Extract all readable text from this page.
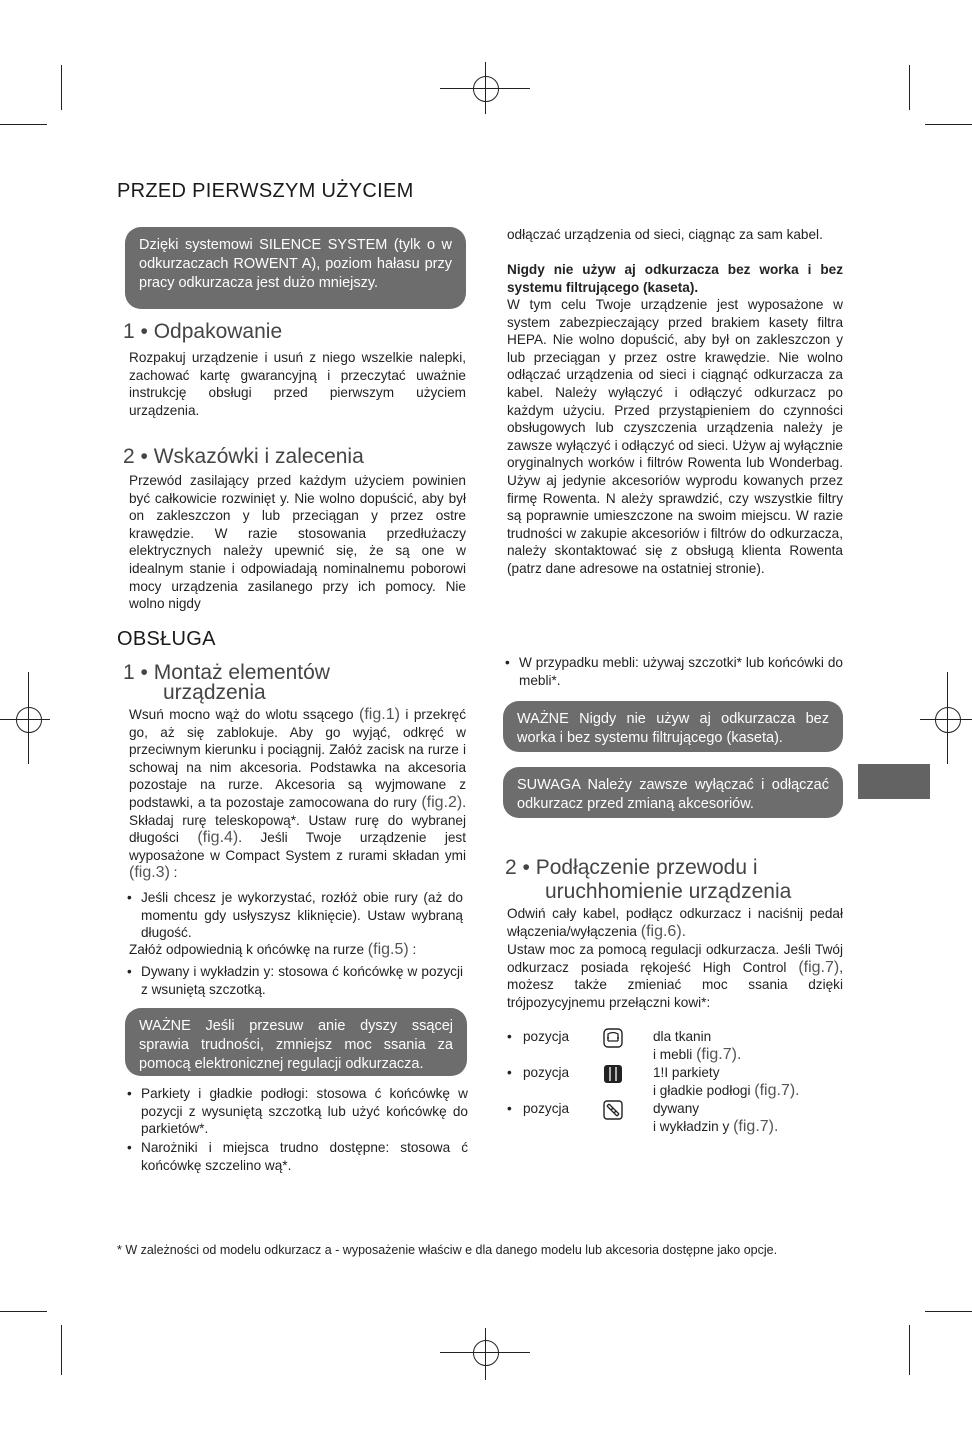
PRZED PIERWSZYM UŻYCIEM
Dzięki systemowi SILENCE SYSTEM (tylk o w odkurzaczach ROWENT A), poziom hałasu przy pracy odkurzacza jest dużo mniejszy.
1 • Odpakowanie

Rozpakuj urządzenie i usuń z niego wszelkie nalepki, zachować kartę gwarancyjną i przeczytać uważnie instrukcję obsługi przed pierwszym użyciem urządzenia.

2 • Wskazówki i zalecenia

Przewód zasilający przed każdym użyciem powinien być całkowicie rozwinięt y. Nie wolno dopuścić, aby był on zakleszczon y lub przeciągan y przez ostre krawędzie. W razie stosowania przedłużaczy elektrycznych należy upewnić się, że są one w idealnym stanie i odpowiadają nominalnemu poborowi mocy urządzenia zasilanego przy ich pomocy. Nie wolno nigdy

OBSŁUGA
1 • Montaż elementów
urządzenia

Wsuń mocno wąż do wlotu ssącego (fig.1) i przekręć go, aż się zablokuje. Aby go wyjąć, odkręć w przeciwnym kierunku i pociągnij. Załóż zacisk na rurze i schowaj na nim akcesoria. Podstawka na akcesoria pozostaje na rurze. Akcesoria są wyjmowane z podstawki, a ta pozostaje zamocowana do rury (fig.2). Składaj rurę teleskopową*. Ustaw rurę do wybranej długości (fig.4). Jeśli Twoje urządzenie jest wyposażone w Compact System z rurami składan ymi (fig.3) :

• Jeśli chcesz je wykorzystać, rozłóż obie rury (aż do momentu gdy usłyszysz kliknięcie). Ustaw wybraną długość.

Załóż odpowiednią k ońcówkę na rurze (fig.5) :

• Dywany i wykładzin y: stosowa ć końcówkę w pozycji z wsuniętą szczotką.
WAŻNE Jeśli przesuw anie dyszy ssącej sprawia trudności, zmniejsz moc ssania za pomocą elektronicznej regulacji odkurzacza.
• Parkiety i gładkie podłogi: stosowa ć końcówkę w pozycji z wysuniętą szczotką lub użyć końcówkę do parkietów*.
• Narożniki i miejsca trudno dostępne: stosowa ć końcówkę szczelino wą*.

odłączać urządzenia od sieci, ciągnąc za sam kabel.

Nigdy nie używ aj odkurzacza bez worka i bez systemu filtrującego (kaseta).

W tym celu Twoje urządzenie jest wyposażone w system zabezpieczający przed brakiem kasety filtra HEPA. Nie wolno dopuścić, aby był on zakleszczon y lub przeciągan y przez ostre krawędzie. Nie wolno odłączać urządzenia od sieci i ciągnąć odkurzacza za kabel. Należy wyłączyć i odłączyć odkurzacz po każdym użyciu. Przed przystąpieniem do czynności obsługowych lub czyszczenia urządzenia należy je zawsze wyłączyć i odłączyć od sieci. Używ aj wyłącznie oryginalnych worków i filtrów Rowenta lub Wonderbag. Używ aj jedynie akcesoriów wyprodu kowanych przez firmę Rowenta. N ależy sprawdzić, czy wszystkie filtry są poprawnie umieszczone na swoim miejscu. W razie trudności w zakupie akcesoriów i filtrów do odkurzacza, należy skontaktować się z obsługą klienta Rowenta (patrz dane adresowe na ostatniej stronie).

• W przypadku mebli: używaj szczotki* lub końcówki do mebli*.
WAŻNE Nigdy nie używ aj odkurzacza bez worka i bez systemu filtrującego (kaseta).
SUWAGA Należy zawsze wyłączać i odłączać odkurzacz przed zmianą akcesoriów.
2 • Podłączenie przewodu i
uruchhomienie urządzenia

Odwiń cały kabel, podłącz odkurzacz i naciśnij pedał włączenia/wyłączenia (fig.6).

Ustaw moc za pomocą regulacji odkurzacza. Jeśli Twój odkurzacz posiada rękojeść High Control (fig.7), możesz także zmieniać moc ssania dzięki trójpozycyjnemu przełączni kowi*:

• pozycja	dla tkanin
i mebli (fig.7).
• pozycja	1!I parkiety
i gładkie podłogi (fig.7).
• pozycja	dywany
i wykładzin y (fig.7).
* W zależności od modelu odkurzacz a - wyposażenie właściw e dla danego modelu lub akcesoria dostępne jako opcje.
